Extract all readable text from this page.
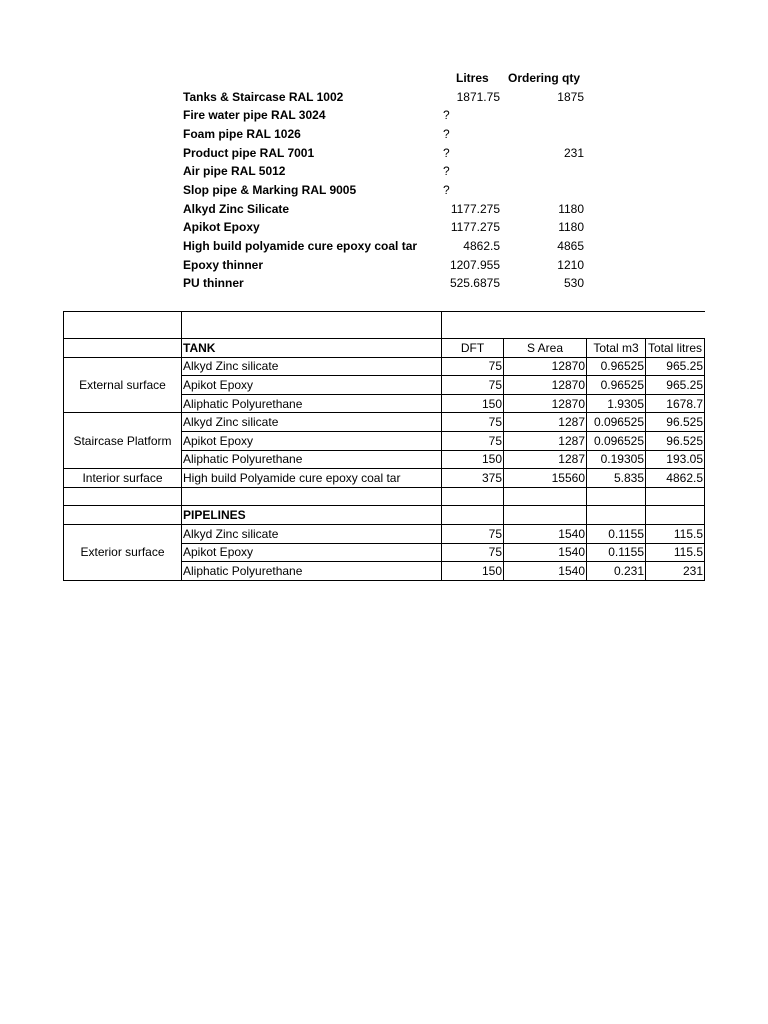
Litres Ordering qty
Tanks & Staircase RAL 1002	1871.75	1875
Fire water pipe RAL 3024	?
Foam pipe RAL 1026	?
Product pipe RAL 7001	?	231
Air pipe RAL 5012	?
Slop pipe & Marking RAL 9005	?
Alkyd Zinc Silicate	1177.275	1180
Apikot Epoxy	1177.275	1180
High build polyamide cure epoxy coal tar	4862.5	4865
Epoxy thinner	1207.955	1210
PU thinner	525.6875	530

	TANK	DFT	S Area	Total m3	Total litres
External surface	Alkyd Zinc silicate	75	12870	0.96525	965.25
	Apikot Epoxy	75	12870	0.96525	965.25
	Aliphatic Polyurethane	150	12870	1.9305	1678.7
Staircase Platform	Alkyd Zinc silicate	75	1287	0.096525	96.525
	Apikot Epoxy	75	1287	0.096525	96.525
	Aliphatic Polyurethane	150	1287	0.19305	193.05
Interior surface	High build Polyamide cure epoxy coal tar	375	15560	5.835	4862.5

	PIPELINES				
Exterior surface	Alkyd Zinc silicate	75	1540	0.1155	115.5
	Apikot Epoxy	75	1540	0.1155	115.5
	Aliphatic Polyurethane	150	1540	0.231	231
